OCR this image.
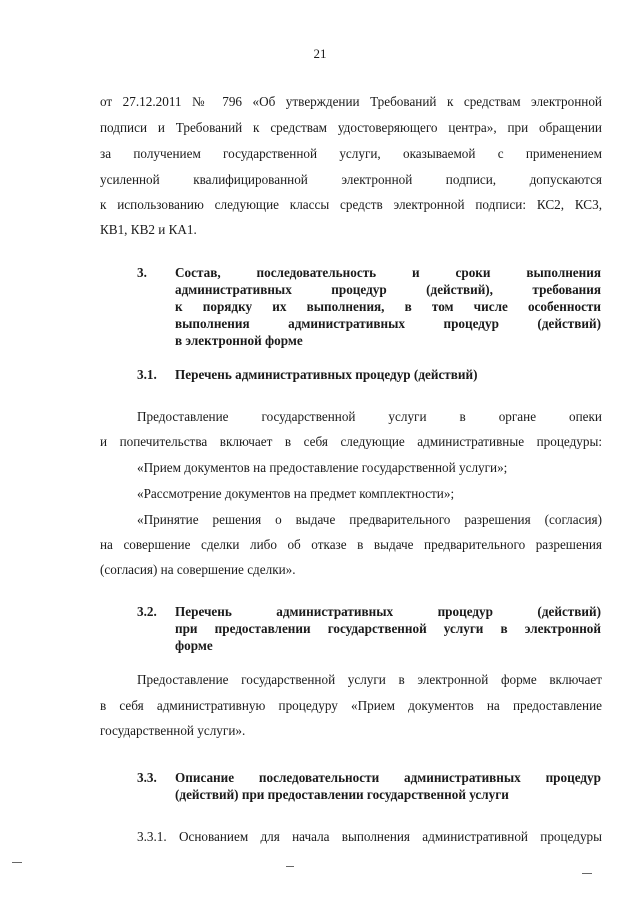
21
от 27.12.2011 № 796 «Об утверждении Требований к средствам электронной
подписи и Требований к средствам удостоверяющего центра», при обращении
за получением государственной услуги, оказываемой с применением
усиленной квалифицированной электронной подписи, допускаются
к использованию следующие классы средств электронной подписи: КС2, КС3,
КВ1, КВ2 и КА1.
3. Состав, последовательность и сроки выполнения
административных процедур (действий), требования
к порядку их выполнения, в том числе особенности
выполнения административных процедур (действий)
в электронной форме
3.1. Перечень административных процедур (действий)
Предоставление государственной услуги в органе опеки
и попечительства включает в себя следующие административные процедуры:
«Прием документов на предоставление государственной услуги»;
«Рассмотрение документов на предмет комплектности»;
«Принятие решения о выдаче предварительного разрешения (согласия)
на совершение сделки либо об отказе в выдаче предварительного разрешения
(согласия) на совершение сделки».
3.2. Перечень административных процедур (действий)
при предоставлении государственной услуги в электронной
форме
Предоставление государственной услуги в электронной форме включает
в себя административную процедуру «Прием документов на предоставление
государственной услуги».
3.3. Описание последовательности административных процедур
(действий) при предоставлении государственной услуги
3.3.1. Основанием для начала выполнения административной процедуры
